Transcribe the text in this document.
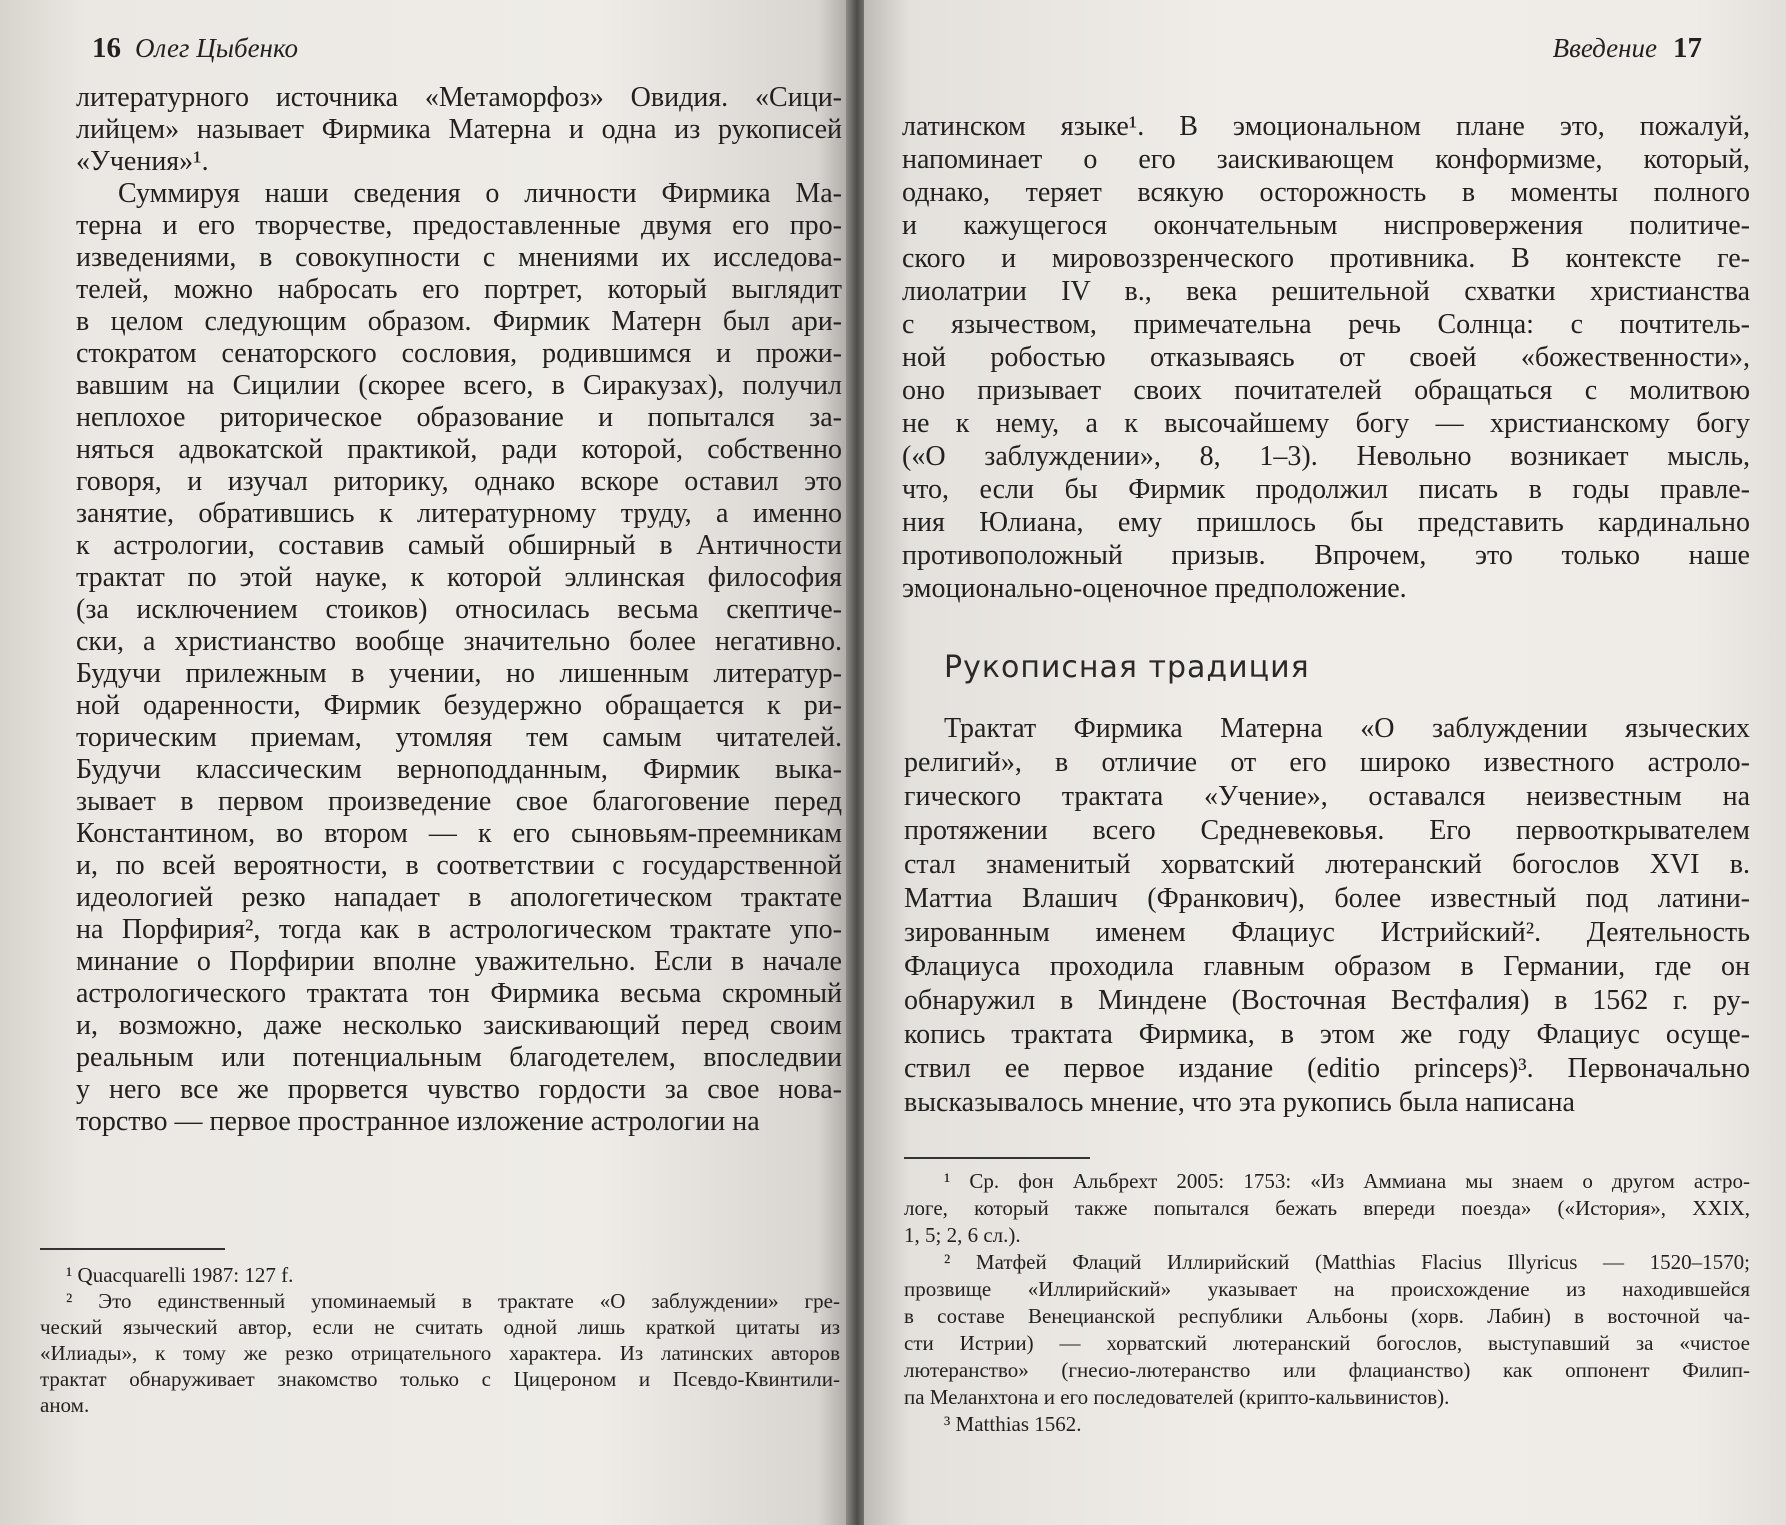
16 Олег Цыбенко
литературного источника «Метаморфоз» Овидия. «Сици-
лийцем» называет Фирмика Матерна и одна из рукописей
«Учения»¹.
Суммируя наши сведения о личности Фирмика Ма-
терна и его творчестве, предоставленные двумя его про-
изведениями, в совокупности с мнениями их исследова-
телей, можно набросать его портрет, который выглядит
в целом следующим образом. Фирмик Матерн был ари-
стократом сенаторского сословия, родившимся и прожи-
вавшим на Сицилии (скорее всего, в Сиракузах), получил
неплохое риторическое образование и попытался за-
няться адвокатской практикой, ради которой, собственно
говоря, и изучал риторику, однако вскоре оставил это
занятие, обратившись к литературному труду, а именно
к астрологии, составив самый обширный в Античности
трактат по этой науке, к которой эллинская философия
(за исключением стоиков) относилась весьма скептиче-
ски, а христианство вообще значительно более негативно.
Будучи прилежным в учении, но лишенным литератур-
ной одаренности, Фирмик безудержно обращается к ри-
торическим приемам, утомляя тем самым читателей.
Будучи классическим верноподданным, Фирмик выка-
зывает в первом произведение свое благоговение перед
Константином, во втором — к его сыновьям-преемникам
и, по всей вероятности, в соответствии с государственной
идеологией резко нападает в апологетическом трактате
на Порфирия², тогда как в астрологическом трактате упо-
минание о Порфирии вполне уважительно. Если в начале
астрологического трактата тон Фирмика весьма скромный
и, возможно, даже несколько заискивающий перед своим
реальным или потенциальным благодетелем, впоследвии
у него все же прорвется чувство гордости за свое нова-
торство — первое пространное изложение астрологии на
¹ Quacquarelli 1987: 127 f.
² Это единственный упоминаемый в трактате «О заблуждении» гре-
ческий языческий автор, если не считать одной лишь краткой цитаты из
«Илиады», к тому же резко отрицательного характера. Из латинских авторов
трактат обнаруживает знакомство только с Цицероном и Псевдо-Квинтили-
аном.
Введение 17
латинском языке¹. В эмоциональном плане это, пожалуй,
напоминает о его заискивающем конформизме, который,
однако, теряет всякую осторожность в моменты полного
и кажущегося окончательным ниспровержения политиче-
ского и мировоззренческого противника. В контексте ге-
лиолатрии IV в., века решительной схватки христианства
с язычеством, примечательна речь Солнца: с почтитель-
ной робостью отказываясь от своей «божественности»,
оно призывает своих почитателей обращаться с молитвою
не к нему, а к высочайшему богу — христианскому богу
(«О заблуждении», 8, 1–3). Невольно возникает мысль,
что, если бы Фирмик продолжил писать в годы правле-
ния Юлиана, ему пришлось бы представить кардинально
противоположный призыв. Впрочем, это только наше
эмоционально-оценочное предположение.
Рукописная традиция
Трактат Фирмика Матерна «О заблуждении языческих
религий», в отличие от его широко известного астроло-
гического трактата «Учение», оставался неизвестным на
протяжении всего Средневековья. Его первооткрывателем
стал знаменитый хорватский лютеранский богослов XVI в.
Маттиа Влашич (Франкович), более известный под латини-
зированным именем Флациус Истрийский². Деятельность
Флациуса проходила главным образом в Германии, где он
обнаружил в Миндене (Восточная Вестфалия) в 1562 г. ру-
копись трактата Фирмика, в этом же году Флациус осуще-
ствил ее первое издание (editio princeps)³. Первоначально
высказывалось мнение, что эта рукопись была написана
¹ Ср. фон Альбрехт 2005: 1753: «Из Аммиана мы знаем о другом астро-
логе, который также попытался бежать впереди поезда» («История», XXIX,
1, 5; 2, 6 сл.).
² Матфей Флаций Иллирийский (Matthias Flacius Illyricus — 1520–1570;
прозвище «Иллирийский» указывает на происхождение из находившейся
в составе Венецианской республики Альбоны (хорв. Лабин) в восточной ча-
сти Истрии) — хорватский лютеранский богослов, выступавший за «чистое
лютеранство» (гнесио-лютеранство или флацианство) как оппонент Филип-
па Меланхтона и его последователей (крипто-кальвинистов).
³ Matthias 1562.
